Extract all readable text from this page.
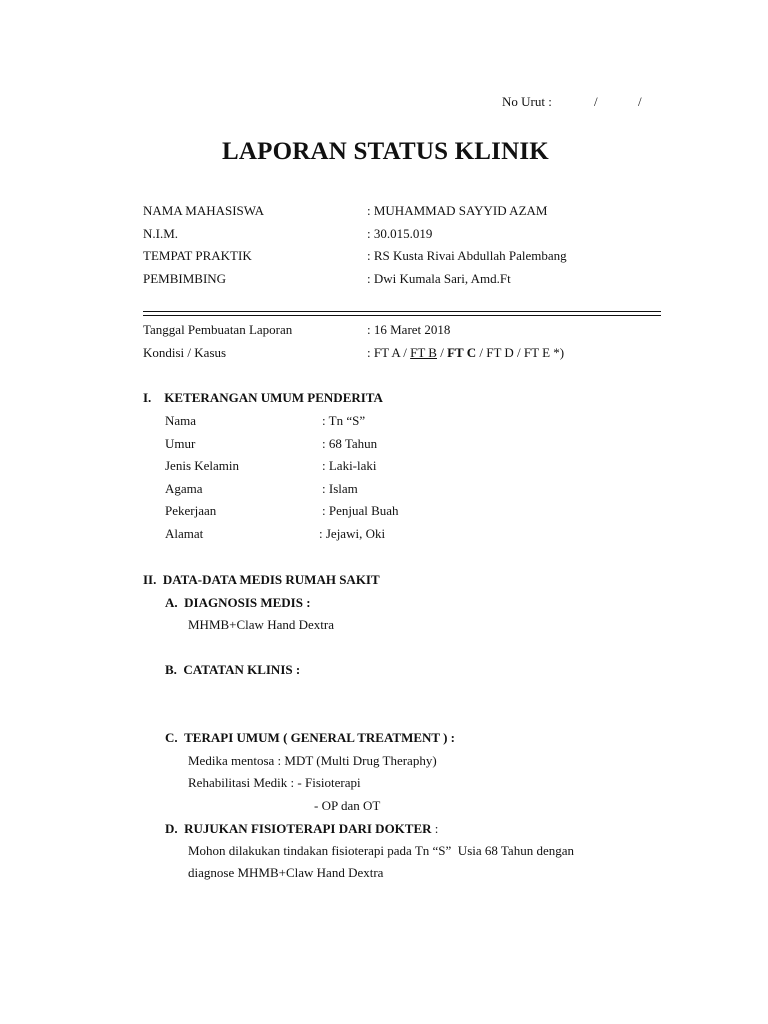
No Urut :	/	/
LAPORAN STATUS KLINIK
NAMA MAHASISWA	: MUHAMMAD SAYYID AZAM
N.I.M.	: 30.015.019
TEMPAT PRAKTIK	: RS Kusta Rivai Abdullah Palembang
PEMBIMBING	: Dwi Kumala Sari, Amd.Ft
Tanggal Pembuatan Laporan	: 16 Maret 2018
Kondisi / Kasus	: FT A / FT B / FT C / FT D / FT E *)
I.    KETERANGAN UMUM PENDERITA
Nama	: Tn “S”
Umur	: 68 Tahun
Jenis Kelamin	: Laki-laki
Agama	: Islam
Pekerjaan	: Penjual Buah
Alamat	: Jejawi, Oki
II.  DATA-DATA MEDIS RUMAH SAKIT
A.  DIAGNOSIS MEDIS :
MHMB+Claw Hand Dextra
B.  CATATAN KLINIS :
C.  TERAPI UMUM ( GENERAL TREATMENT ) :
Medika mentosa : MDT (Multi Drug Theraphy)
Rehabilitasi Medik : - Fisioterapi
- OP dan OT
D.  RUJUKAN FISIOTERAPI DARI DOKTER :
Mohon dilakukan tindakan fisioterapi pada Tn “S”  Usia 68 Tahun dengan
diagnose MHMB+Claw Hand Dextra
